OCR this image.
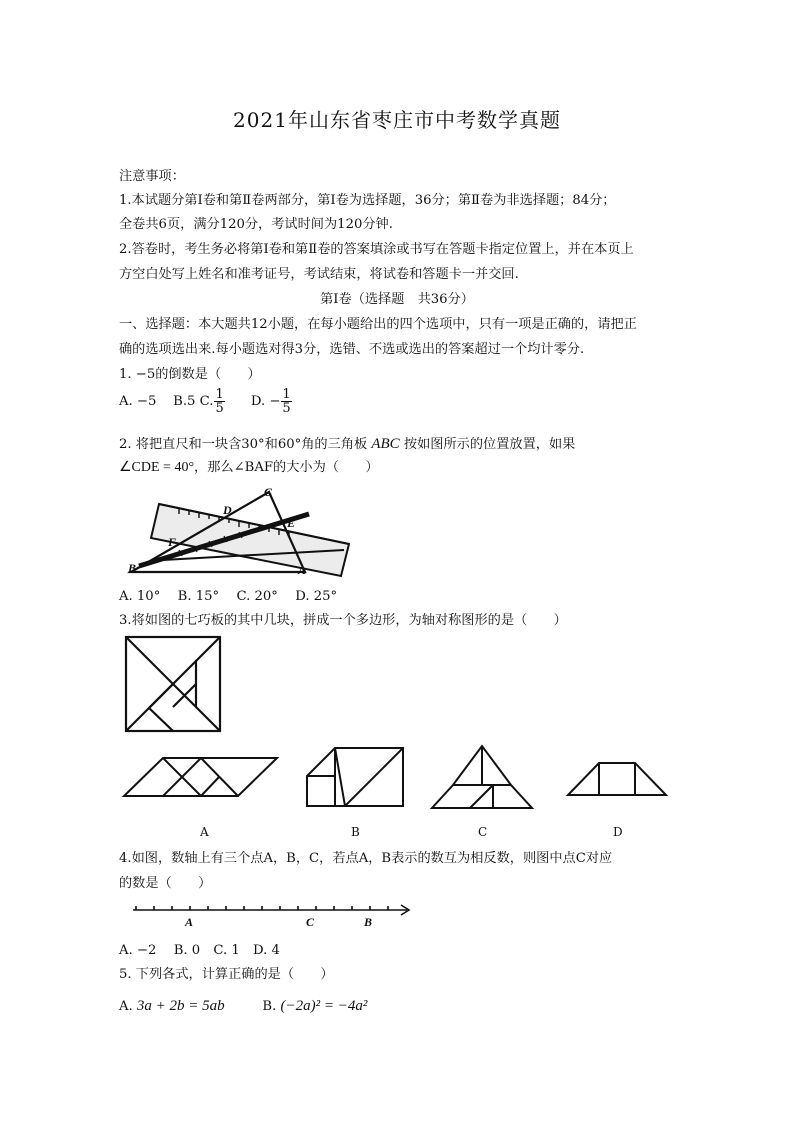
2021年山东省枣庄市中考数学真题
注意事项：
1.本试题分第Ⅰ卷和第Ⅱ卷两部分，第Ⅰ卷为选择题，36分；第Ⅱ卷为非选择题；84分；
全卷共6页，满分120分，考试时间为120分钟.
2.答卷时，考生务必将第Ⅰ卷和第Ⅱ卷的答案填涂或书写在答题卡指定位置上，并在本页上
方空白处写上姓名和准考证号，考试结束，将试卷和答题卡一并交回.
第Ⅰ卷（选择题　共36分）
一、选择题：本大题共12小题，在每小题给出的四个选项中，只有一项是正确的，请把正
确的选项选出来.每小题选对得3分，选错、不选或选出的答案超过一个均计零分.
1. −5的倒数是（　　）
A. −5 B.5 C. $\frac{1}{5} D$. − $\frac{1}{5}$
2. 将把直尺和一块含30°和60°角的三角板 ABC 按如图所示的位置放置，如果
∠CDE = 40°，那么∠BAF的大小为（　　）
C
D
E
F
B	A
A. 10°　 B. 15°　 C. 20°　 D. 25°
3.将如图的七巧板的其中几块，拼成一个多边形，为轴对称图形的是（　　）
A	B	C	D
4.如图，数轴上有三个点A，B，C，若点A，B表示的数互为相反数，则图中点C对应
的数是（　　）
A	C	B
A. −2　 B. 0　C. 1　D. 4
5. 下列各式，计算正确的是（　　）
A. 3a + 2b = 5ab	B. (−2a)² = −4a²
